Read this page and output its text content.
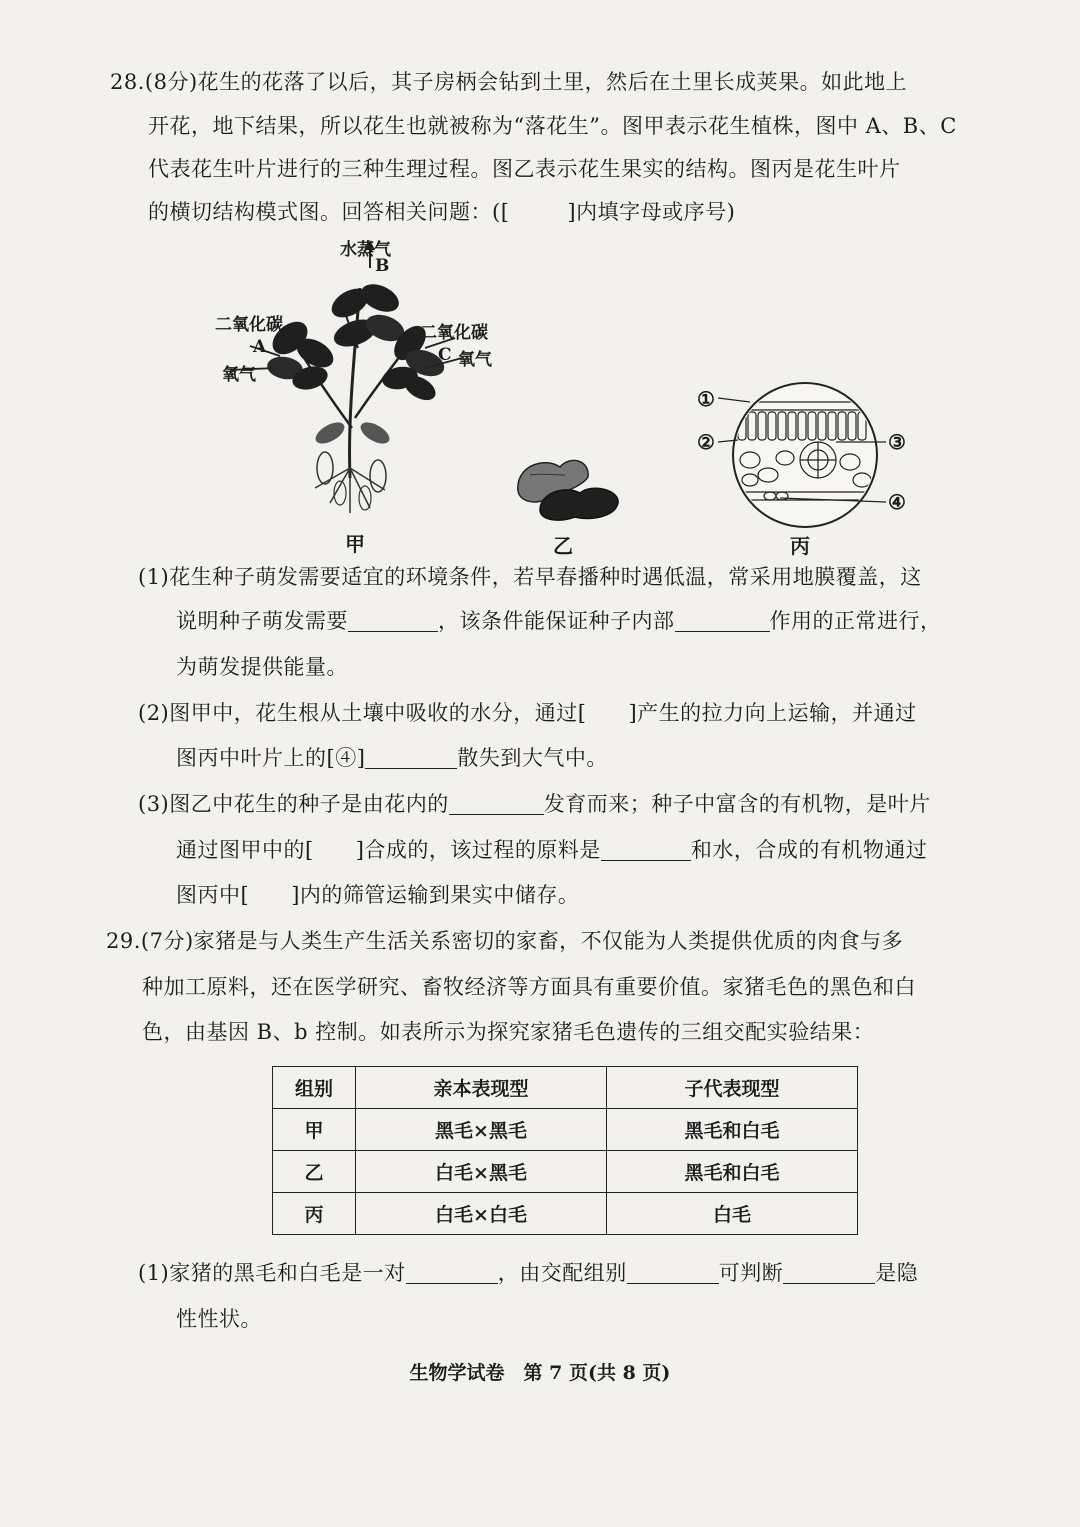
28.(8分)花生的花落了以后，其子房柄会钻到土里，然后在土里长成荚果。如此地上
开花，地下结果，所以花生也就被称为“落花生”。图甲表示花生植株，图中 A、B、C
代表花生叶片进行的三种生理过程。图乙表示花生果实的结构。图丙是花生叶片
的横切结构模式图。回答相关问题：([	]内填字母或序号)
水蒸气
B
二氧化碳
A
氧气
二氧化碳
C 氧气
甲	乙
①
②	③
④
丙
(1)花生种子萌发需要适宜的环境条件，若早春播种时遇低温，常采用地膜覆盖，这
说明种子萌发需要	，该条件能保证种子内部	作用的正常进行，
为萌发提供能量。
(2)图甲中，花生根从土壤中吸收的水分，通过[ ]产生的拉力向上运输，并通过
图丙中叶片上的[④]	散失到大气中。
(3)图乙中花生的种子是由花内的	发育而来；种子中富含的有机物，是叶片
通过图甲中的[ ]合成的，该过程的原料是	和水，合成的有机物通过
图丙中[ ]内的筛管运输到果实中储存。
29.(7分)家猪是与人类生产生活关系密切的家畜，不仅能为人类提供优质的肉食与多
种加工原料，还在医学研究、畜牧经济等方面具有重要价值。家猪毛色的黑色和白
色，由基因 B、b 控制。如表所示为探究家猪毛色遗传的三组交配实验结果：
组别	亲本表现型	子代表现型
甲	黑毛×黑毛	黑毛和白毛
乙	白毛×黑毛	黑毛和白毛
丙	白毛×白毛	白毛
(1)家猪的黑毛和白毛是一对	，由交配组别	可判断	是隐
性性状。
生物学试卷　第 7 页(共 8 页)
